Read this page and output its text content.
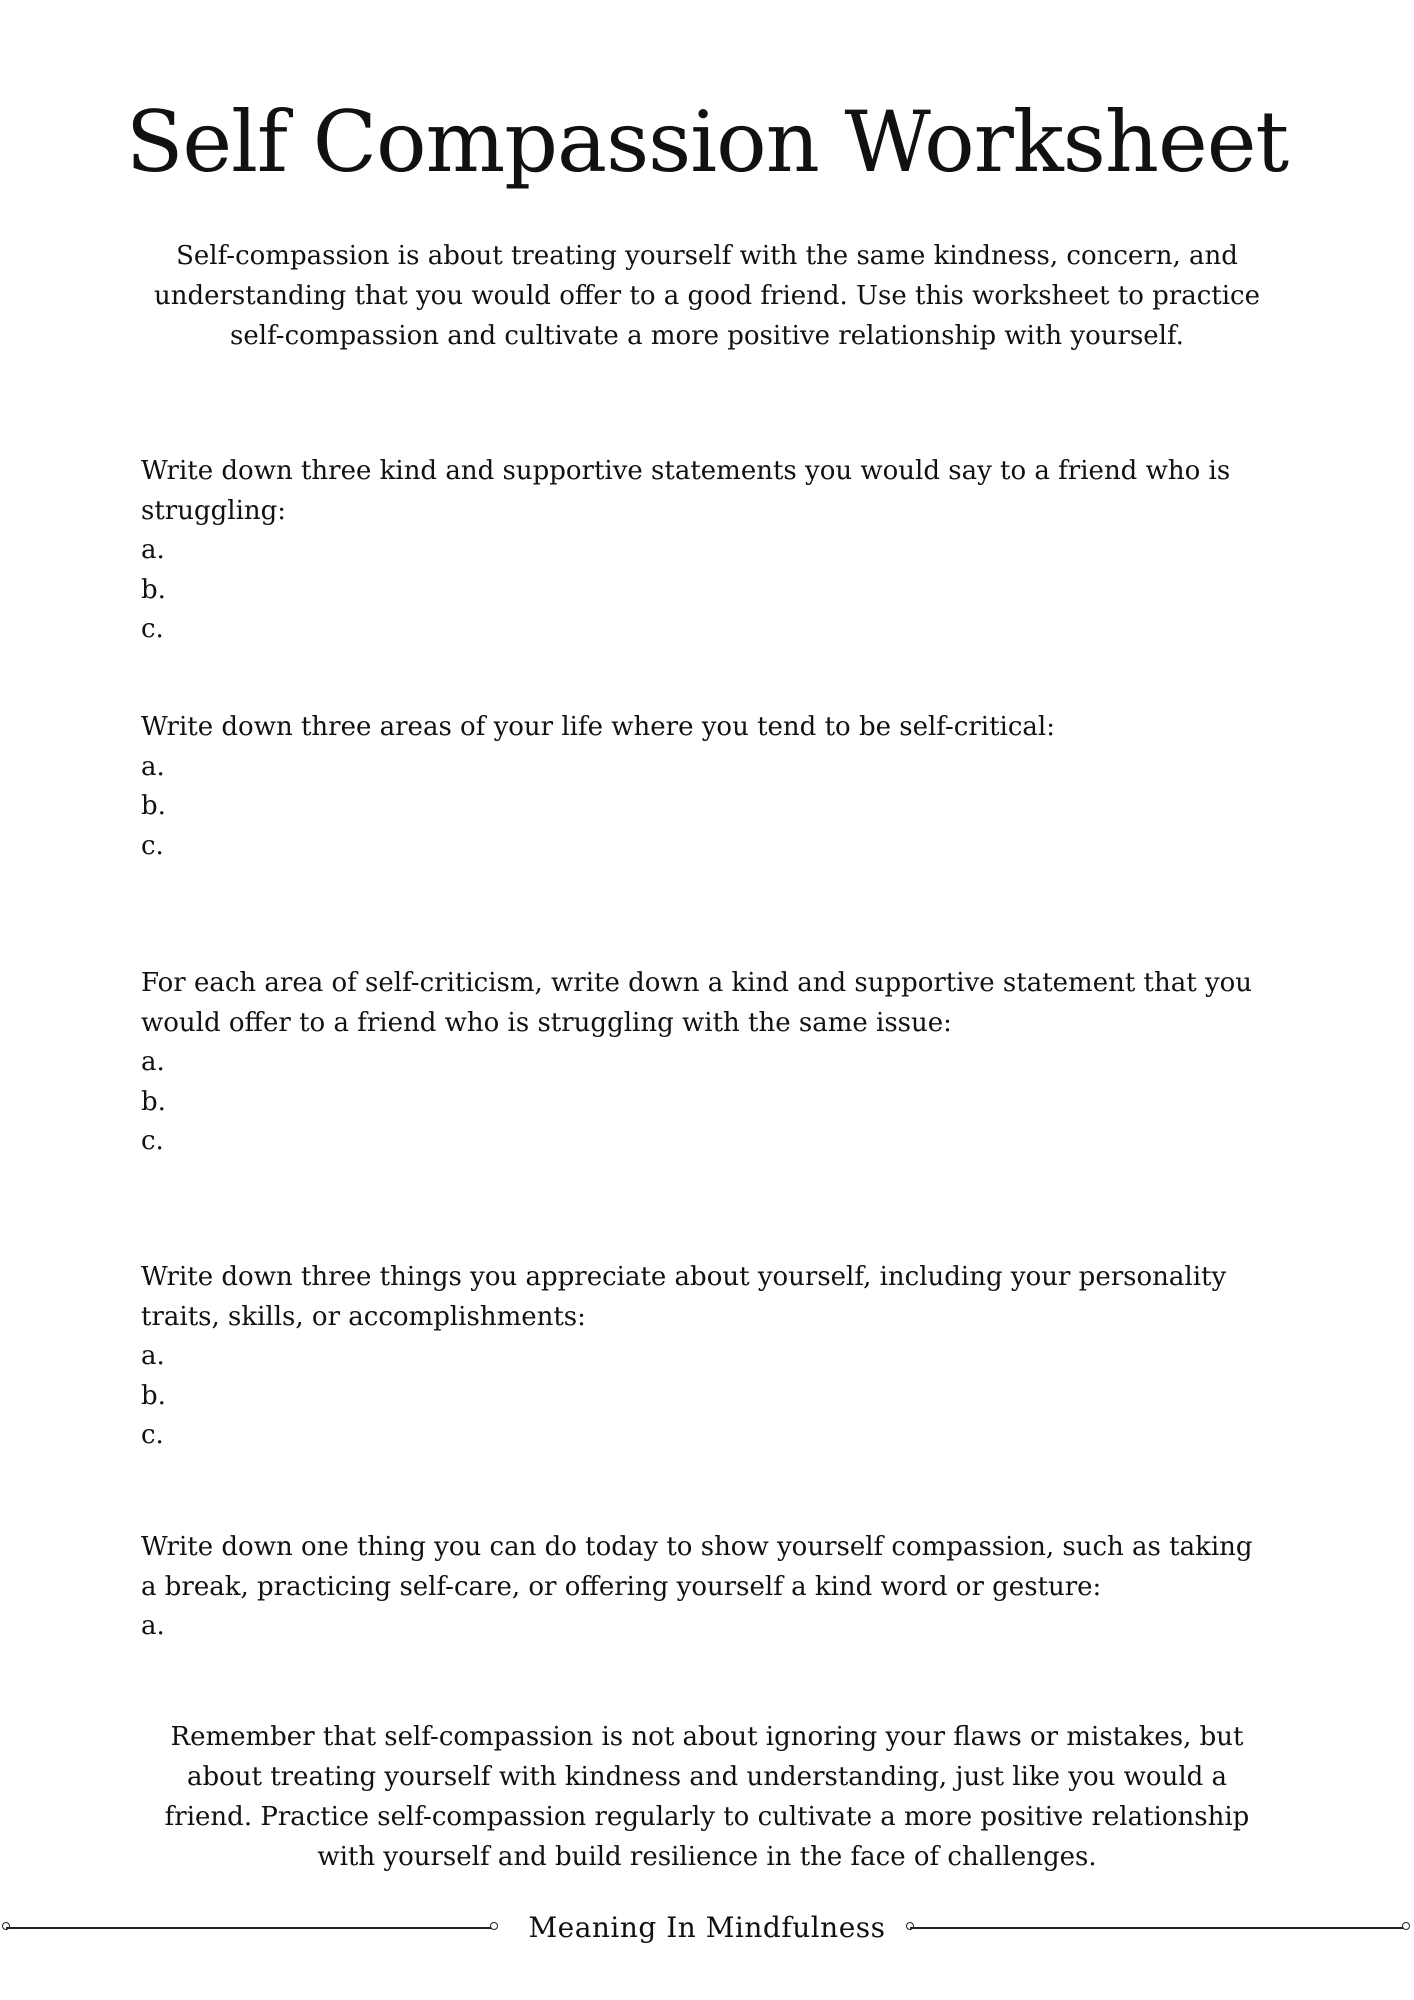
Self Compassion Worksheet

Self-compassion is about treating yourself with the same kindness, concern, and understanding that you would offer to a good friend. Use this worksheet to practice self-compassion and cultivate a more positive relationship with yourself.

Write down three kind and supportive statements you would say to a friend who is struggling:

a.
b.
c.

Write down three areas of your life where you tend to be self-critical:

a.
b.
c.

For each area of self-criticism, write down a kind and supportive statement that you would offer to a friend who is struggling with the same issue:

a.
b.
c.

Write down three things you appreciate about yourself, including your personality traits, skills, or accomplishments:

a.
b.
c.

Write down one thing you can do today to show yourself compassion, such as taking a break, practicing self-care, or offering yourself a kind word or gesture:

a.

Remember that self-compassion is not about ignoring your flaws or mistakes, but about treating yourself with kindness and understanding, just like you would a friend. Practice self-compassion regularly to cultivate a more positive relationship with yourself and build resilience in the face of challenges.

Meaning In Mindfulness
